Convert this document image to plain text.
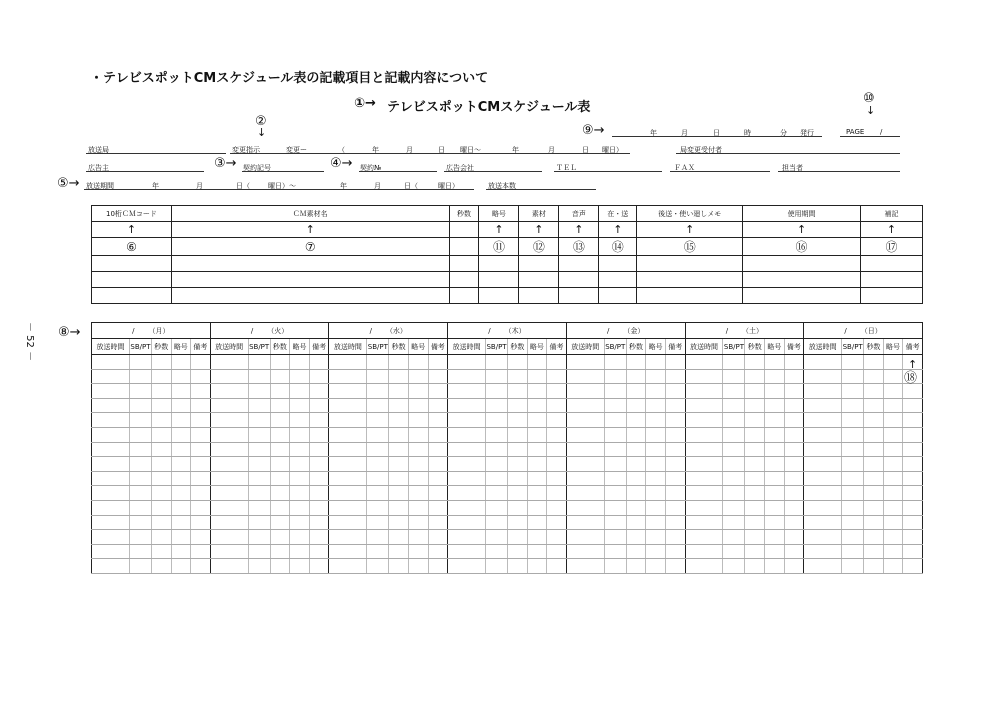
・テレビスポットCMスケジュール表の記載項目と記載内容について
①→ テレビスポットCMスケジュール表
⑩
↓
②
↓	⑨→	年	月	日	時	分 発行	PAGE /
放送局	変更指示	変更ー	（	年	月	日 曜日～	年	月	日 曜日）	局変更受付者
広告主	③→ 契約記号	④→ 契約№	広告会社	ＴＥＬ	ＦＡＸ	担当者
⑤→ 放送期間	年	月	日（	曜日）～	年	月	日（	曜日）	放送本数
10桁ＣＭコード	ＣＭ素材名	秒数	略号	素材	音声	在・送	後送・使い廻しメモ	使用期間	補記
↑	↑		↑	↑	↑	↑	↑	↑	↑
⑥	⑦		⑪	⑫	⑬	⑭	⑮	⑯	⑰

－ 52 － ⑧→	/ （月）					/ （火）					/ （水）					/ （木）					/ （金）					/ （土）					/ （日）				
放送時間	SB/PT	秒数	略号	備考	放送時間	SB/PT	秒数	略号	備考	放送時間	SB/PT	秒数	略号	備考	放送時間	SB/PT	秒数	略号	備考	放送時間	SB/PT	秒数	略号	備考	放送時間	SB/PT	秒数	略号	備考	放送時間	SB/PT	秒数	略号	備考

↑
⑱
